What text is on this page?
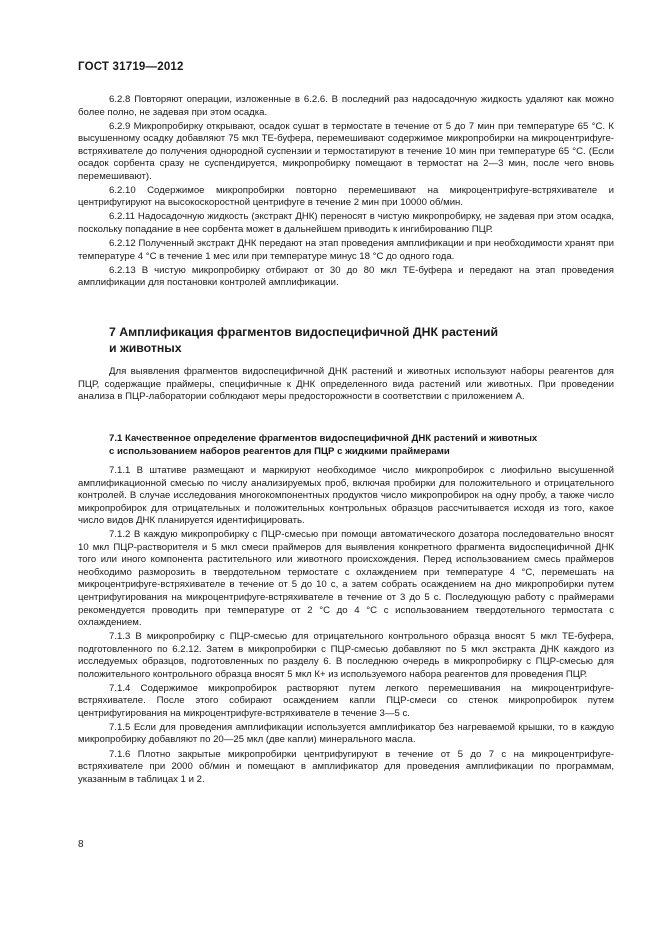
ГОСТ 31719—2012

6.2.8 Повторяют операции, изложенные в 6.2.6. В последний раз надосадочную жидкость удаляют как можно более полно, не задевая при этом осадка.

6.2.9 Микропробирку открывают, осадок сушат в термостате в течение от 5 до 7 мин при температуре 65 °С. К высушенному осадку добавляют 75 мкл ТЕ-буфера, перемешивают содержимое микропробирки на микроцентрифуге-встряхивателе до получения однородной суспензии и термостатируют в течение 10 мин при температуре 65 °С. (Если осадок сорбента сразу не суспендируется, микропробирку помещают в термостат на 2—3 мин, после чего вновь перемешивают).

6.2.10 Содержимое микропробирки повторно перемешивают на микроцентрифуге-встряхивателе и центрифугируют на высокоскоростной центрифуге в течение 2 мин при 10000 об/мин.

6.2.11 Надосадочную жидкость (экстракт ДНК) переносят в чистую микропробирку, не задевая при этом осадка, поскольку попадание в нее сорбента может в дальнейшем приводить к ингибированию ПЦР.

6.2.12 Полученный экстракт ДНК передают на этап проведения амплификации и при необходимости хранят при температуре 4 °С в течение 1 мес или при температуре минус 18 °С до одного года.

6.2.13 В чистую микропробирку отбирают от 30 до 80 мкл ТЕ-буфера и передают на этап проведения амплификации для постановки контролей амплификации.

7 Амплификация фрагментов видоспецифичной ДНК растений
и животных

Для выявления фрагментов видоспецифичной ДНК растений и животных используют наборы реагентов для ПЦР, содержащие праймеры, специфичные к ДНК определенного вида растений или животных. При проведении анализа в ПЦР-лаборатории соблюдают меры предосторожности в соответствии с приложением А.

7.1 Качественное определение фрагментов видоспецифичной ДНК растений и животных
с использованием наборов реагентов для ПЦР с жидкими праймерами

7.1.1 В штативе размещают и маркируют необходимое число микропробирок с лиофильно высушенной амплификационной смесью по числу анализируемых проб, включая пробирки для положительного и отрицательного контролей. В случае исследования многокомпонентных продуктов число микропробирок на одну пробу, а также число микропробирок для отрицательных и положительных контрольных образцов рассчитывается исходя из того, какое число видов ДНК планируется идентифицировать.

7.1.2 В каждую микропробирку с ПЦР-смесью при помощи автоматического дозатора последовательно вносят 10 мкл ПЦР-растворителя и 5 мкл смеси праймеров для выявления конкретного фрагмента видоспецифичной ДНК того или иного компонента растительного или животного происхождения. Перед использованием смесь праймеров необходимо разморозить в твердотельном термостате с охлаждением при температуре 4 °С, перемешать на микроцентрифуге-встряхивателе в течение от 5 до 10 с, а затем собрать осаждением на дно микропробирки путем центрифугирования на микроцентрифуге-встряхивателе в течение от 3 до 5 с. Последующую работу с праймерами рекомендуется проводить при температуре от 2 °С до 4 °С с использованием твердотельного термостата с охлаждением.

7.1.3 В микропробирку с ПЦР-смесью для отрицательного контрольного образца вносят 5 мкл ТЕ-буфера, подготовленного по 6.2.12. Затем в микропробирки с ПЦР-смесью добавляют по 5 мкл экстракта ДНК каждого из исследуемых образцов, подготовленных по разделу 6. В последнюю очередь в микропробирку с ПЦР-смесью для положительного контрольного образца вносят 5 мкл К+ из используемого набора реагентов для проведения ПЦР.

7.1.4 Содержимое микропробирок растворяют путем легкого перемешивания на микроцентрифуге-встряхивателе. После этого собирают осаждением капли ПЦР-смеси со стенок микропробирок путем центрифугирования на микроцентрифуге-встряхивателе в течение 3—5 с.

7.1.5 Если для проведения амплификации используется амплификатор без нагреваемой крышки, то в каждую микропробирку добавляют по 20—25 мкл (две капли) минерального масла.

7.1.6 Плотно закрытые микропробирки центрифугируют в течение от 5 до 7 с на микроцентрифуге-встряхивателе при 2000 об/мин и помещают в амплификатор для проведения амплификации по программам, указанным в таблицах 1 и 2.

8
